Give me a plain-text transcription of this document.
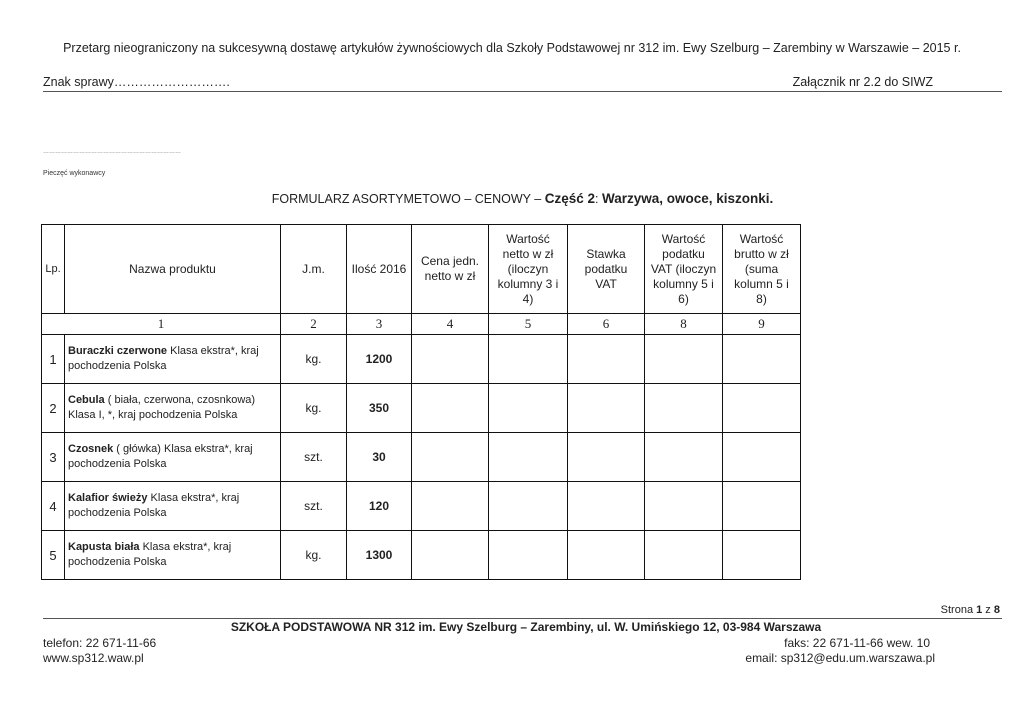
Przetarg nieograniczony na sukcesywną dostawę artykułów żywnościowych dla Szkoły Podstawowej nr 312 im. Ewy Szelburg – Zarembiny w Warszawie – 2015 r.
Znak sprawy……………………….	Załącznik nr 2.2 do SIWZ
……………………………………………………………
Pieczęć wykonawcy
FORMULARZ ASORTYMETOWO – CENOWY – Część 2: Warzywa, owoce, kiszonki.
Lp.	Nazwa produktu	J.m.	Ilość 2016	Cena jedn. netto w zł	Wartość netto w zł (iloczyn kolumny 3 i 4)	Stawka podatku VAT	Wartość podatku VAT (iloczyn kolumny 5 i 6)	Wartość brutto w zł (suma kolumn 5 i 8)
1		2	3	4	5	6	8	9
1	Buraczki czerwone Klasa ekstra*, kraj pochodzenia Polska	kg.	1200					
2	Cebula ( biała, czerwona, czosnkowa) Klasa I, *, kraj pochodzenia Polska	kg.	350					
3	Czosnek ( główka) Klasa ekstra*, kraj pochodzenia Polska	szt.	30					
4	Kalafior świeży Klasa ekstra*, kraj pochodzenia Polska	szt.	120					
5	Kapusta biała Klasa ekstra*, kraj pochodzenia Polska	kg.	1300					
Strona 1 z 8
SZKOŁA PODSTAWOWA NR 312 im. Ewy Szelburg – Zarembiny, ul. W. Umińskiego 12, 03-984 Warszawa
telefon: 22 671-11-66	faks: 22 671-11-66 wew. 10
www.sp312.waw.pl	email: sp312@edu.um.warszawa.pl
